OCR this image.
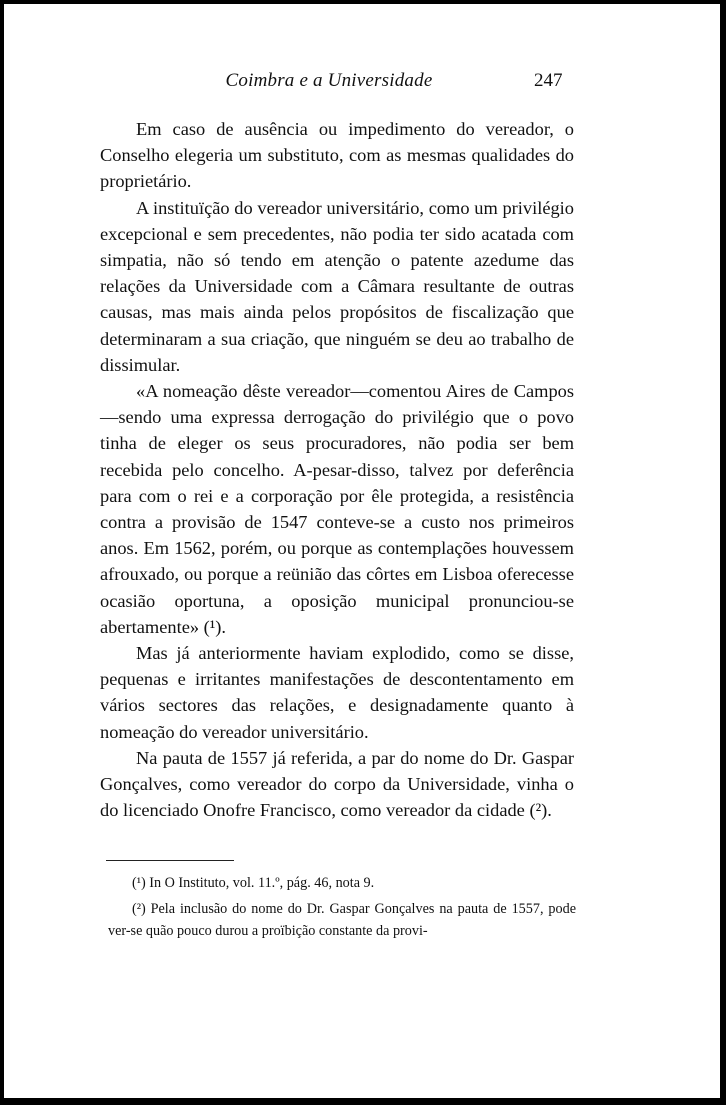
Coimbra e a Universidade	247

Em caso de ausência ou impedimento do vereador, o Conselho elegeria um substituto, com as mesmas qualidades do proprietário.

A instituïção do vereador universitário, como um privilégio excepcional e sem precedentes, não podia ter sido acatada com simpatia, não só tendo em atenção o patente azedume das relações da Universidade com a Câmara resultante de outras causas, mas mais ainda pelos propósitos de fiscalização que determinaram a sua criação, que ninguém se deu ao trabalho de dissimular.

«A nomeação dêste vereador—comentou Aires de Campos—sendo uma expressa derrogação do privilégio que o povo tinha de eleger os seus procuradores, não podia ser bem recebida pelo concelho. A-pesar-disso, talvez por deferência para com o rei e a corporação por êle protegida, a resistência contra a provisão de 1547 conteve-se a custo nos primeiros anos. Em 1562, porém, ou porque as contemplações houvessem afrouxado, ou porque a reünião das côrtes em Lisboa oferecesse ocasião oportuna, a oposição municipal pronunciou-se abertamente» (¹).

Mas já anteriormente haviam explodido, como se disse, pequenas e irritantes manifestações de descontentamento em vários sectores das relações, e designadamente quanto à nomeação do vereador universitário.

Na pauta de 1557 já referida, a par do nome do Dr. Gaspar Gonçalves, como vereador do corpo da Universidade, vinha o do licenciado Onofre Francisco, como vereador da cidade (²).

(¹) In O Instituto, vol. 11.º, pág. 46, nota 9.

(²) Pela inclusão do nome do Dr. Gaspar Gonçalves na pauta de 1557, pode ver-se quão pouco durou a proïbição constante da provi-
